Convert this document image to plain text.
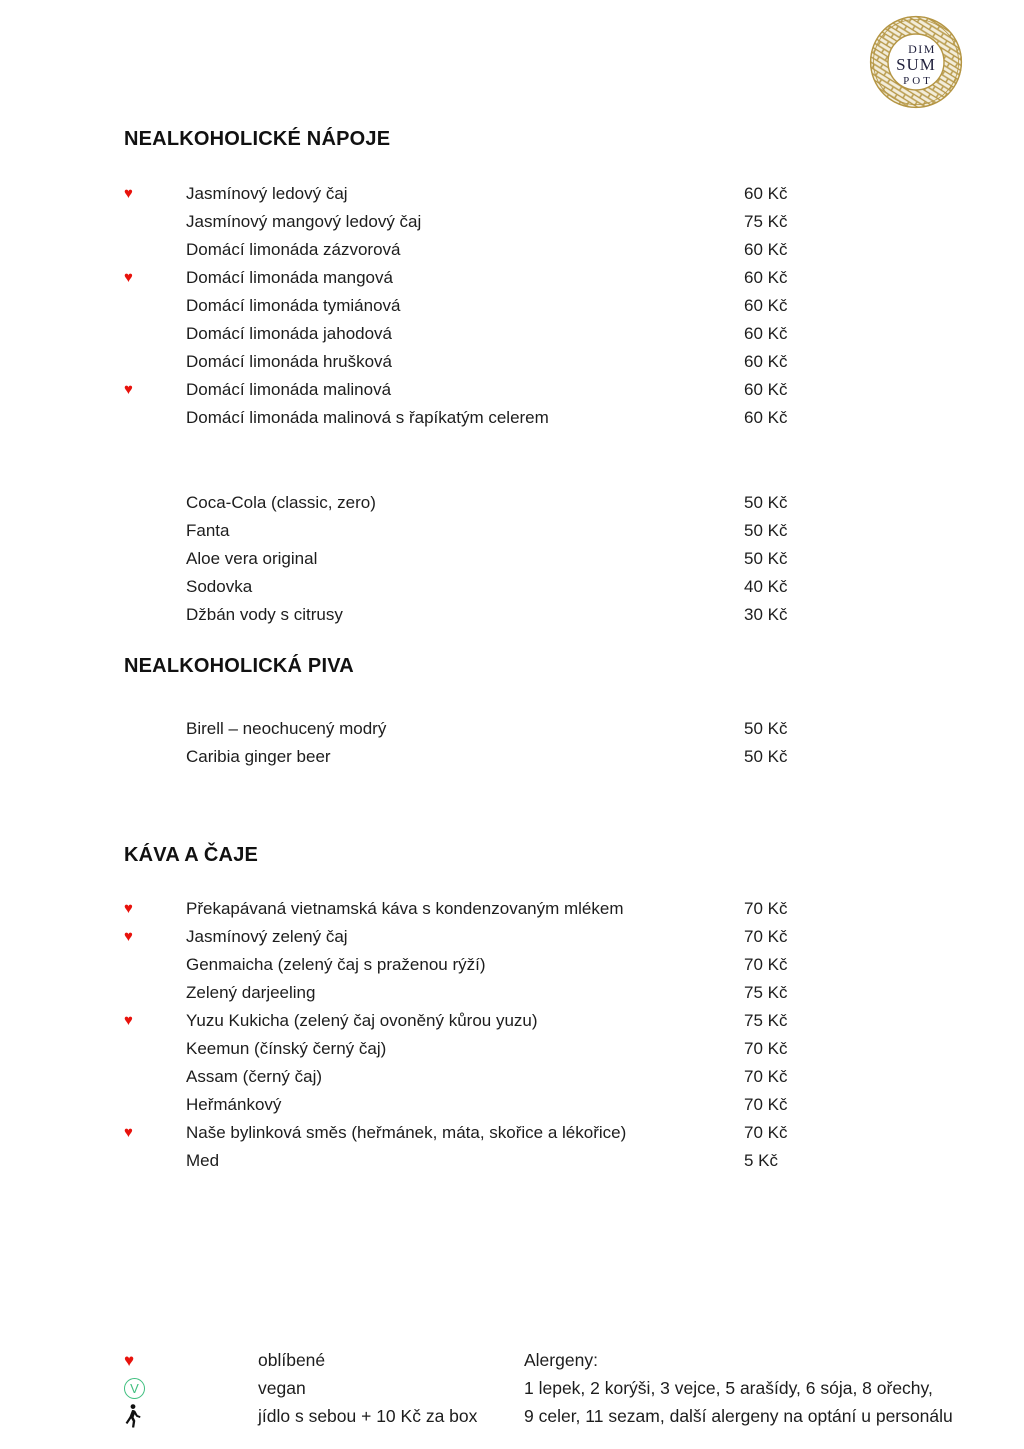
DIM
SUM
POT
NEALKOHOLICKÉ NÁPOJE
♥	Jasmínový ledový čaj	60 Kč
Jasmínový mangový ledový čaj	75 Kč
Domácí limonáda zázvorová	60 Kč
♥	Domácí limonáda mangová	60 Kč
Domácí limonáda tymiánová	60 Kč
Domácí limonáda jahodová	60 Kč
Domácí limonáda hrušková	60 Kč
♥	Domácí limonáda malinová	60 Kč
Domácí limonáda malinová s řapíkatým celerem	60 Kč
Coca-Cola (classic, zero)	50 Kč
Fanta	50 Kč
Aloe vera original	50 Kč
Sodovka	40 Kč
Džbán vody s citrusy	30 Kč
NEALKOHOLICKÁ PIVA
Birell – neochucený modrý	50 Kč
Caribia ginger beer	50 Kč
KÁVA A ČAJE
♥	Překapávaná vietnamská káva s kondenzovaným mlékem	70 Kč
♥	Jasmínový zelený čaj	70 Kč
Genmaicha (zelený čaj s praženou rýží)	70 Kč
Zelený darjeeling	75 Kč
♥	Yuzu Kukicha (zelený čaj ovoněný kůrou yuzu)	75 Kč
Keemun (čínský černý čaj)	70 Kč
Assam (černý čaj)	70 Kč
Heřmánkový	70 Kč
♥	Naše bylinková směs (heřmánek, máta, skořice a lékořice)	70 Kč
Med	5 Kč
♥	oblíbené
V	vegan
jídlo s sebou + 10 Kč za box
Alergeny:
1 lepek, 2 korýši, 3 vejce, 5 arašídy, 6 sója, 8 ořechy,
9 celer, 11 sezam, další alergeny na optání u personálu
